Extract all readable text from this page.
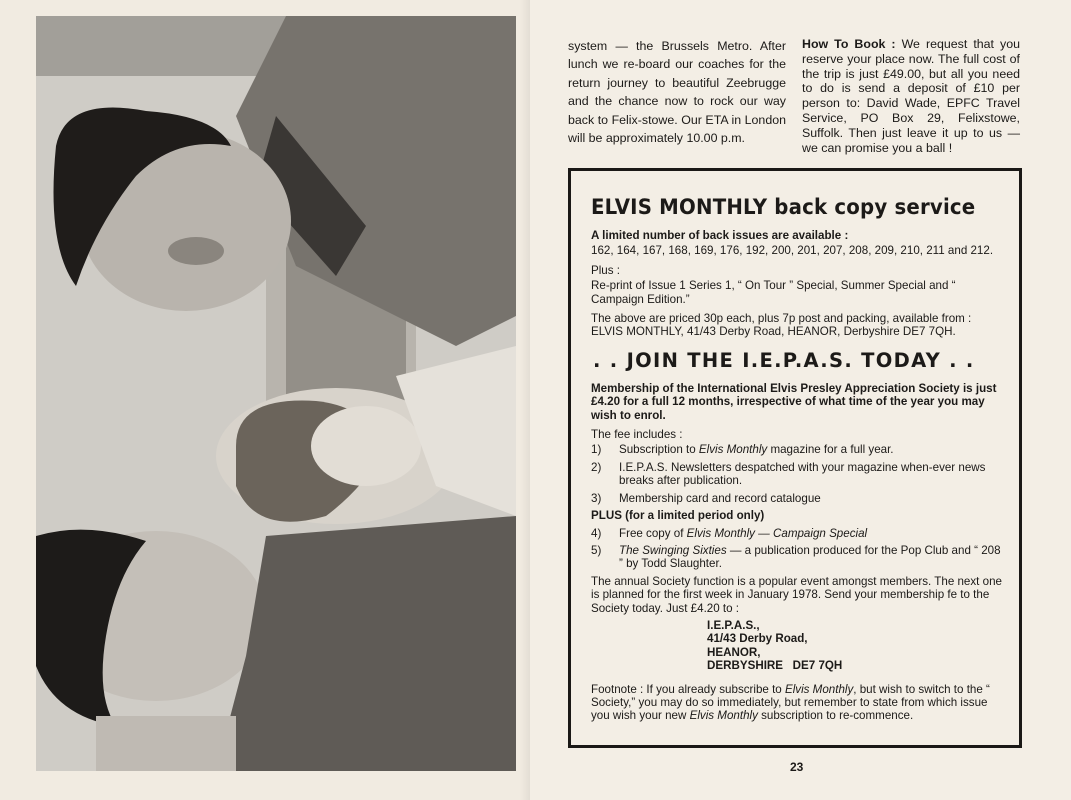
system — the Brussels Metro. After lunch we re-board our coaches for the return journey to beautiful Zeebrugge and the chance now to rock our way back to Felix-stowe. Our ETA in London will be approximately 10.00 p.m.
How To Book : We request that you reserve your place now. The full cost of the trip is just £49.00, but all you need to do is send a deposit of £10 per person to: David Wade, EPFC Travel Service, PO Box 29, Felixstowe, Suffolk. Then just leave it up to us — we can promise you a ball !
ELVIS MONTHLY back copy service
A limited number of back issues are available :
162, 164, 167, 168, 169, 176, 192, 200, 201, 207, 208, 209, 210, 211 and 212.
Plus :
Re-print of Issue 1 Series 1, “ On Tour ” Special, Summer Special and “ Campaign Edition.”
The above are priced 30p each, plus 7p post and packing, available from : ELVIS MONTHLY, 41/43 Derby Road, HEANOR, Derbyshire DE7 7QH.
. . JOIN THE I.E.P.A.S. TODAY . .
Membership of the International Elvis Presley Appreciation Society is just £4.20 for a full 12 months, irrespective of what time of the year you may wish to enrol.
The fee includes :
1)	Subscription to Elvis Monthly magazine for a full year.
2)	I.E.P.A.S. Newsletters despatched with your magazine when-ever news breaks after publication.
3)	Membership card and record catalogue
PLUS (for a limited period only)
4)	Free copy of Elvis Monthly — Campaign Special
5)	The Swinging Sixties — a publication produced for the Pop Club and “ 208 ” by Todd Slaughter.
The annual Society function is a popular event amongst members. The next one is planned for the first week in January 1978. Send your membership fe to the Society today. Just £4.20 to :
I.E.P.A.S.,
41/43 Derby Road,
HEANOR,
DERBYSHIRE   DE7 7QH
Footnote : If you already subscribe to Elvis Monthly, but wish to switch to the “ Society,” you may do so immediately, but remember to state from which issue you wish your new Elvis Monthly subscription to re-commence.
23
